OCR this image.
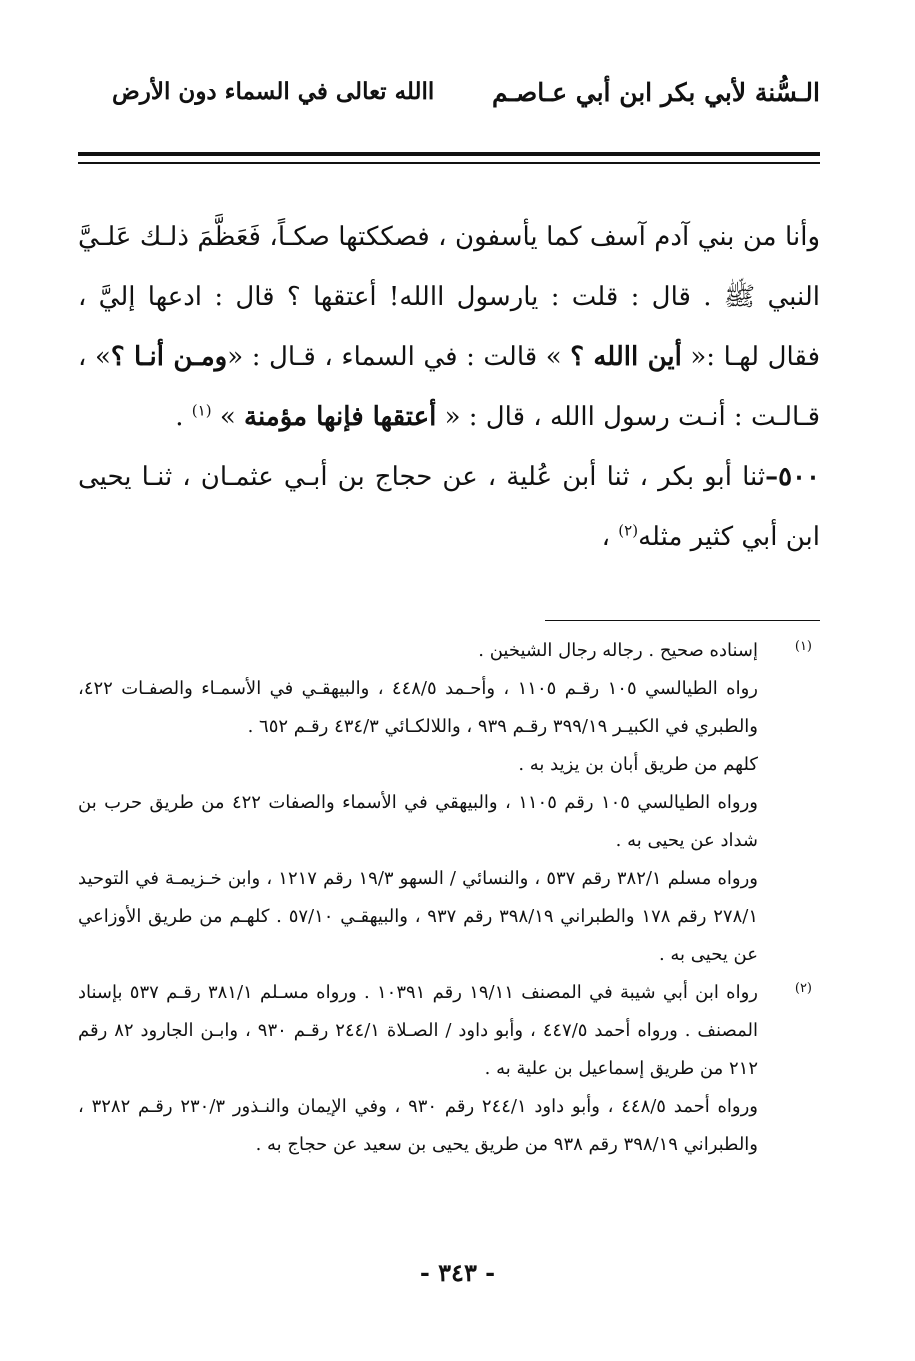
الـسُّنة لأبي بكر ابن أبي عـاصـم
االله تعالى في السماء دون الأرض

وأنا من بني آدم آسف كما يأسفون ، فصككتها صكـاً، فَعَظَّمَ ذلـك عَلـيَّ النبي ﷺ . قال : قلت : يارسول االله! أعتقها ؟ قال : ادعها إليَّ ، فقال لهـا :« أين االله ؟ » قالت : في السماء ، قـال : «ومـن أنـا ؟» ، قـالـت : أنـت رسول االله ، قال : « أعتقها فإنها مؤمنة » $^{(١)}$ .

٥٠٠–ثنا أبو بكر ، ثنا أبن عُلية ، عن حجاج بن أبـي عثمـان ، ثنـا يحيى ابن أبي كثير مثله$^{(٢)}$ ،

(١)

إسناده صحيح . رجاله رجال الشيخين .

رواه الطيالسي ١٠٥ رقـم ١١٠٥ ، وأحـمد ٤٤٨/٥ ، والبيهقـي في الأسمـاء والصفـات ٤٢٢، والطبري في الكبيـر ٣٩٩/١٩ رقـم ٩٣٩ ، واللالكـائي ٤٣٤/٣ رقـم ٦٥٢ .

كلهم من طريق أبان بن يزيد به .

ورواه الطيالسي ١٠٥ رقم ١١٠٥ ، والبيهقي في الأسماء والصفات ٤٢٢ من طريق حرب بن شداد عن يحيى به .

ورواه مسلم ٣٨٢/١ رقم ٥٣٧ ، والنسائي / السهو ١٩/٣ رقم ١٢١٧ ، وابن خـزيمـة في التوحيد ٢٧٨/١ رقم ١٧٨ والطبراني ٣٩٨/١٩ رقم ٩٣٧ ، والبيهقـي ٥٧/١٠ . كلهـم من طريق الأوزاعي عن يحيى به .

(٢)

رواه ابن أبي شيبة في المصنف ١٩/١١ رقم ١٠٣٩١ . ورواه مسـلم ٣٨١/١ رقـم ٥٣٧ بإسناد المصنف . ورواه أحمد ٤٤٧/٥ ، وأبو داود / الصـلاة ٢٤٤/١ رقـم ٩٣٠ ، وابـن الجارود ٨٢ رقم ٢١٢ من طريق إسماعيل بن علية به .

ورواه أحمد ٤٤٨/٥ ، وأبو داود ٢٤٤/١ رقم ٩٣٠ ، وفي الإيمان والنـذور ٢٣٠/٣ رقـم ٣٢٨٢ ، والطبراني ٣٩٨/١٩ رقم ٩٣٨ من طريق يحيى بن سعيد عن حجاج به .

- ٣٤٣ -
